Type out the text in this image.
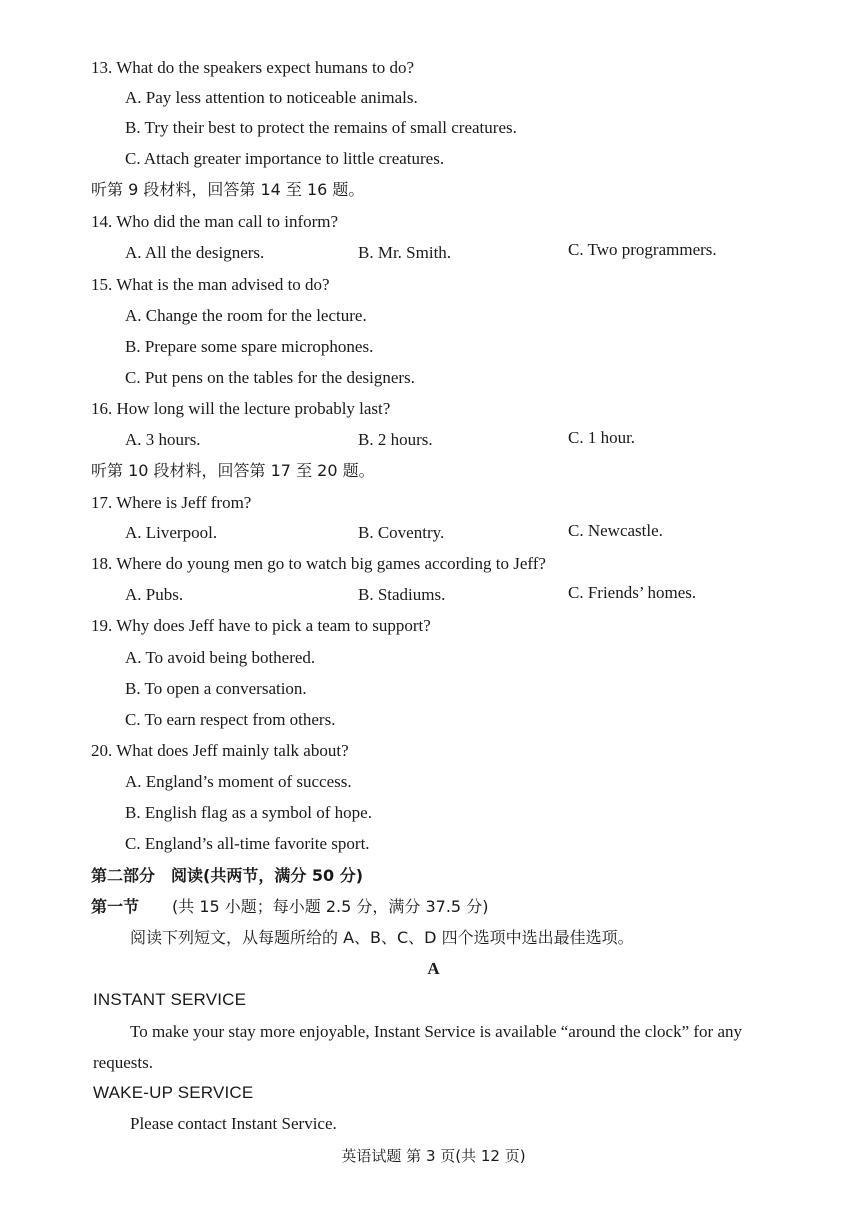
13. What do the speakers expect humans to do?
A. Pay less attention to noticeable animals.
B. Try their best to protect the remains of small creatures.
C. Attach greater importance to little creatures.
听第 9 段材料，回答第 14 至 16 题。
14. Who did the man call to inform?
A. All the designers.	B. Mr. Smith.	C. Two programmers.
15. What is the man advised to do?
A. Change the room for the lecture.
B. Prepare some spare microphones.
C. Put pens on the tables for the designers.
16. How long will the lecture probably last?
A. 3 hours.	B. 2 hours.	C. 1 hour.
听第 10 段材料，回答第 17 至 20 题。
17. Where is Jeff from?
A. Liverpool.	B. Coventry.	C. Newcastle.
18. Where do young men go to watch big games according to Jeff?
A. Pubs.	B. Stadiums.	C. Friends’ homes.
19. Why does Jeff have to pick a team to support?
A. To avoid being bothered.
B. To open a conversation.
C. To earn respect from others.
20. What does Jeff mainly talk about?
A. England’s moment of success.
B. English flag as a symbol of hope.
C. England’s all-time favorite sport.
第二部分　阅读(共两节，满分 50 分)
第一节 (共 15 小题；每小题 2.5 分，满分 37.5 分)
阅读下列短文，从每题所给的 A、B、C、D 四个选项中选出最佳选项。
A
INSTANT SERVICE
To make your stay more enjoyable, Instant Service is available “around the clock” for any
requests.
WAKE-UP SERVICE
Please contact Instant Service.
英语试题 第 3 页(共 12 页)
